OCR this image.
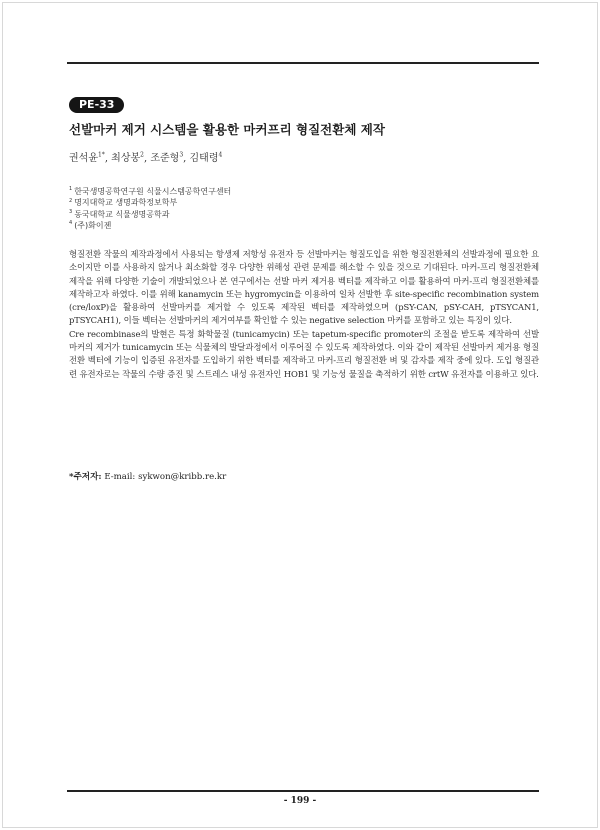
PE-33
선발마커 제거 시스템을 활용한 마커프리 형질전환체 제작
권석윤$^{1*}$, 최상봉$^2$, 조준형$^3$, 김태령$^4$
$^1$ 한국생명공학연구원 식물시스템공학연구센터
$^2$ 명지대학교 생명과학정보학부
$^3$ 동국대학교 식물생명공학과
$^4$ (주)화이젠

형질전환 작물의 제작과정에서 사용되는 항생제 저항성 유전자 등 선발마커는 형질도입을 위한 형질전환체의 선발과정에 필요한 요소이지만 이를 사용하지 않거나 최소화할 경우 다양한 위해성 관련 문제를 해소할 수 있을 것으로 기대된다. 마커-프리 형질전환체 제작을 위해 다양한 기술이 개발되었으나 본 연구에서는 선발 마커 제거용 벡터를 제작하고 이를 활용하여 마커-프리 형질전환체를 제작하고자 하였다. 이를 위해 kanamycin 또는 hygromycin을 이용하여 일차 선발한 후 site-specific recombination system (cre/loxP)을 활용하여 선발마커를 제거할 수 있도록 제작된 벡터를 제작하였으며 (pSY-CAN, pSY-CAH, pTSYCAN1, pTSYCAH1), 이들 벡터는 선발마커의 제거여부를 확인할 수 있는 negative selection 마커를 포함하고 있는 특징이 있다.

Cre recombinase의 발현은 특정 화학물질 (tunicamycin) 또는 tapetum-specific promoter의 조절을 받도록 제작하여 선발마커의 제거가 tunicamycin 또는 식물체의 발달과정에서 이루어질 수 있도록 제작하였다. 이와 같이 제작된 선발마커 제거용 형질전환 벡터에 기능이 입증된 유전자를 도입하기 위한 벡터를 제작하고 마커-프리 형질전환 벼 및 감자를 제작 중에 있다. 도입 형질관련 유전자로는 작물의 수량 증진 및 스트레스 내성 유전자인 HOB1 및 기능성 물질을 축적하기 위한 crtW 유전자를 이용하고 있다.

*주저자: E-mail: sykwon@kribb.re.kr
- 199 -
